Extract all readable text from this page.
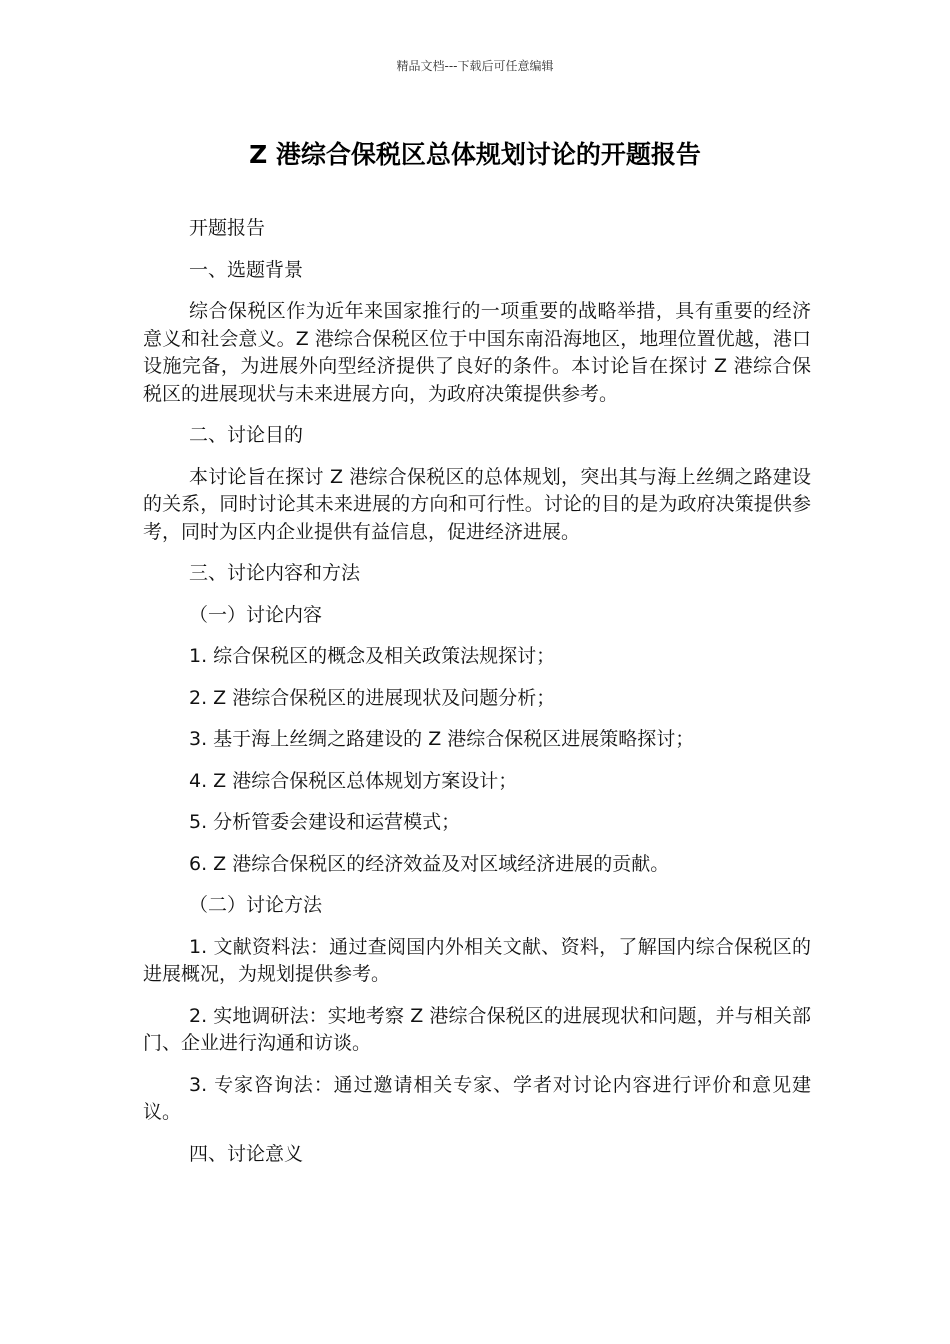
精品文档---下载后可任意编辑
Z 港综合保税区总体规划讨论的开题报告

开题报告

一、选题背景

综合保税区作为近年来国家推行的一项重要的战略举措，具有重要的经济意义和社会意义。Z 港综合保税区位于中国东南沿海地区，地理位置优越，港口设施完备，为进展外向型经济提供了良好的条件。本讨论旨在探讨 Z 港综合保税区的进展现状与未来进展方向，为政府决策提供参考。

二、讨论目的

本讨论旨在探讨 Z 港综合保税区的总体规划，突出其与海上丝绸之路建设的关系，同时讨论其未来进展的方向和可行性。讨论的目的是为政府决策提供参考，同时为区内企业提供有益信息，促进经济进展。

三、讨论内容和方法

（一）讨论内容

1. 综合保税区的概念及相关政策法规探讨；

2. Z 港综合保税区的进展现状及问题分析；

3. 基于海上丝绸之路建设的 Z 港综合保税区进展策略探讨；

4. Z 港综合保税区总体规划方案设计；

5. 分析管委会建设和运营模式；

6. Z 港综合保税区的经济效益及对区域经济进展的贡献。

（二）讨论方法

1. 文献资料法：通过查阅国内外相关文献、资料，了解国内综合保税区的进展概况，为规划提供参考。

2. 实地调研法：实地考察 Z 港综合保税区的进展现状和问题，并与相关部门、企业进行沟通和访谈。

3. 专家咨询法：通过邀请相关专家、学者对讨论内容进行评价和意见建议。

四、讨论意义
